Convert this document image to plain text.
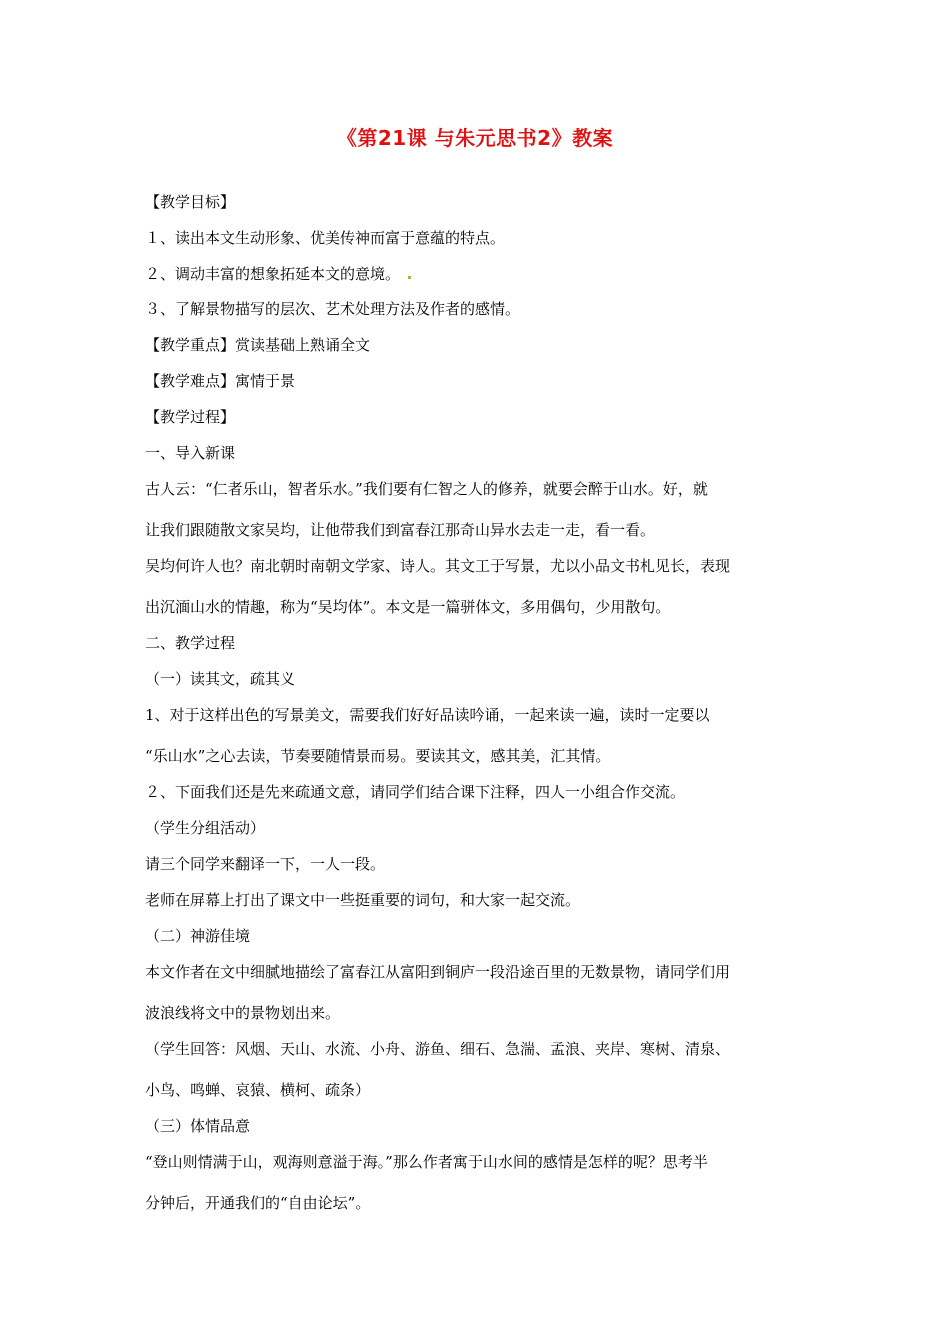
《第21课 与朱元思书2》教案
【教学目标】
１、读出本文生动形象、优美传神而富于意蕴的特点。
２、调动丰富的想象拓延本文的意境。
３、了解景物描写的层次、艺术处理方法及作者的感情。
【教学重点】赏读基础上熟诵全文
【教学难点】寓情于景
【教学过程】
一、导入新课
古人云：“仁者乐山，智者乐水。”我们要有仁智之人的修养，就要会醉于山水。好，就
让我们跟随散文家吴均，让他带我们到富春江那奇山异水去走一走，看一看。
吴均何许人也？南北朝时南朝文学家、诗人。其文工于写景，尤以小品文书札见长，表现
出沉湎山水的情趣，称为“吴均体”。本文是一篇骈体文，多用偶句，少用散句。
二、教学过程
（一）读其文，疏其义
1、对于这样出色的写景美文，需要我们好好品读吟诵，一起来读一遍，读时一定要以
“乐山水”之心去读，节奏要随情景而易。要读其文，感其美，汇其情。
２、下面我们还是先来疏通文意，请同学们结合课下注释，四人一小组合作交流。
（学生分组活动）
请三个同学来翻译一下，一人一段。
老师在屏幕上打出了课文中一些挺重要的词句，和大家一起交流。
（二）神游佳境
本文作者在文中细腻地描绘了富春江从富阳到铜庐一段沿途百里的无数景物，请同学们用
波浪线将文中的景物划出来。
（学生回答：风烟、天山、水流、小舟、游鱼、细石、急湍、孟浪、夹岸、寒树、清泉、
小鸟、鸣蝉、哀猿、横柯、疏条）
（三）体情品意
“登山则情满于山，观海则意溢于海。”那么作者寓于山水间的感情是怎样的呢？思考半
分钟后，开通我们的“自由论坛”。
